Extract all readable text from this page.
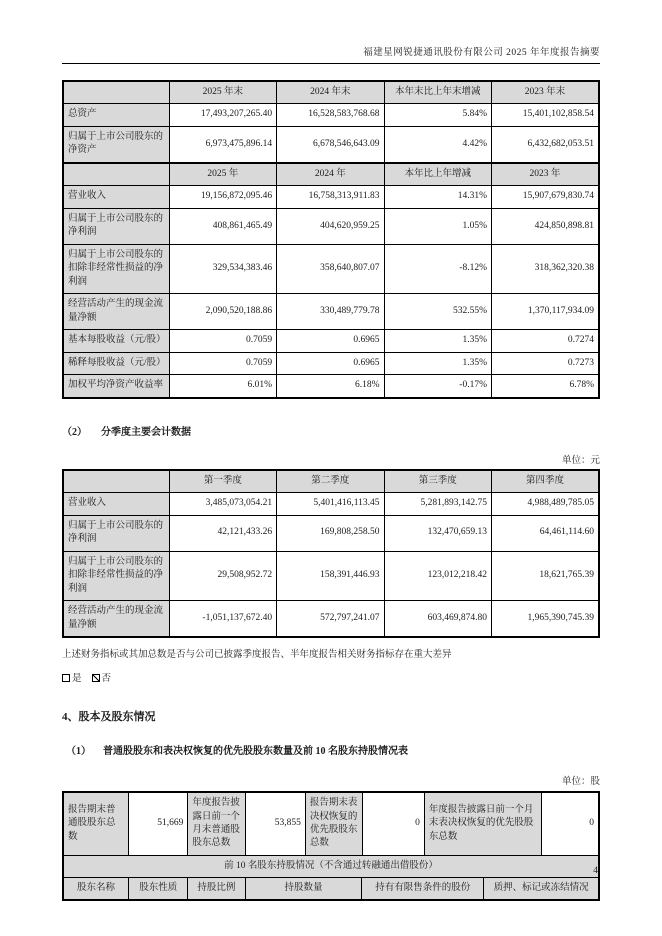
福建星网锐捷通讯股份有限公司 2025 年年度报告摘要
	2025 年末	2024 年末	本年末比上年末增减	2023 年末
总资产	17,493,207,265.40	16,528,583,768.68	5.84%	15,401,102,858.54
归属于上市公司股东的净资产	6,973,475,896.14	6,678,546,643.09	4.42%	6,432,682,053.51
	2025 年	2024 年	本年比上年增减	2023 年
营业收入	19,156,872,095.46	16,758,313,911.83	14.31%	15,907,679,830.74
归属于上市公司股东的净利润	408,861,465.49	404,620,959.25	1.05%	424,850,898.81
归属于上市公司股东的扣除非经常性损益的净利润	329,534,383.46	358,640,807.07	-8.12%	318,362,320.38
经营活动产生的现金流量净额	2,090,520,188.86	330,489,779.78	532.55%	1,370,117,934.09
基本每股收益（元/股）	0.7059	0.6965	1.35%	0.7274
稀释每股收益（元/股）	0.7059	0.6965	1.35%	0.7273
加权平均净资产收益率	6.01%	6.18%	-0.17%	6.78%
（2） 分季度主要会计数据
单位：元
	第一季度	第二季度	第三季度	第四季度
营业收入	3,485,073,054.21	5,401,416,113.45	5,281,893,142.75	4,988,489,785.05
归属于上市公司股东的净利润	42,121,433.26	169,808,258.50	132,470,659.13	64,461,114.60
归属于上市公司股东的扣除非经常性损益的净利润	29,508,952.72	158,391,446.93	123,012,218.42	18,621,765.39
经营活动产生的现金流量净额	-1,051,137,672.40	572,797,241.07	603,469,874.80	1,965,390,745.39
上述财务指标或其加总数是否与公司已披露季度报告、半年度报告相关财务指标存在重大差异
是 否
4、股本及股东情况
（1） 普通股股东和表决权恢复的优先股股东数量及前 10 名股东持股情况表
单位：股
报告期末普通股股东总数	51,669	年度报告披露日前一个月末普通股股东总数	53,855	报告期末表决权恢复的优先股股东总数	0	年度报告披露日前一个月末表决权恢复的优先股股东总数	0
前 10 名股东持股情况（不含通过转融通出借股份）
股东名称	股东性质	持股比例	持股数量	持有有限售条件的股份	质押、标记或冻结情况
4
